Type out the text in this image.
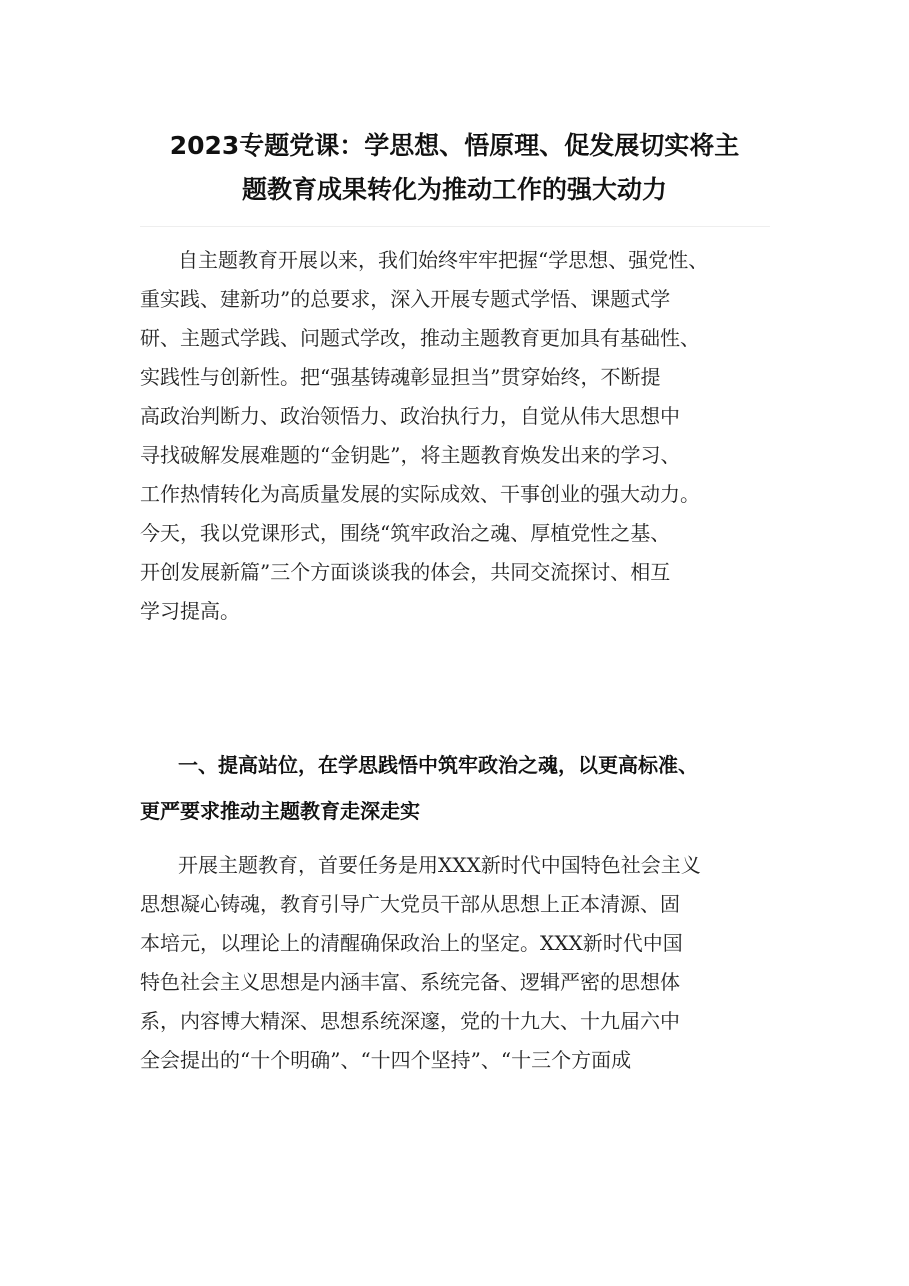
2023专题党课：学思想、悟原理、促发展切实将主
题教育成果转化为推动工作的强大动力
自主题教育开展以来，我们始终牢牢把握“学思想、强党性、
重实践、建新功”的总要求，深入开展专题式学悟、课题式学
研、主题式学践、问题式学改，推动主题教育更加具有基础性、
实践性与创新性。把“强基铸魂彰显担当”贯穿始终，不断提
高政治判断力、政治领悟力、政治执行力，自觉从伟大思想中
寻找破解发展难题的“金钥匙”，将主题教育焕发出来的学习、
工作热情转化为高质量发展的实际成效、干事创业的强大动力。
今天，我以党课形式，围绕“筑牢政治之魂、厚植党性之基、
开创发展新篇”三个方面谈谈我的体会，共同交流探讨、相互
学习提高。
一、提高站位，在学思践悟中筑牢政治之魂，以更高标准、
更严要求推动主题教育走深走实
开展主题教育，首要任务是用XXX新时代中国特色社会主义
思想凝心铸魂，教育引导广大党员干部从思想上正本清源、固
本培元，以理论上的清醒确保政治上的坚定。XXX新时代中国
特色社会主义思想是内涵丰富、系统完备、逻辑严密的思想体
系，内容博大精深、思想系统深邃，党的十九大、十九届六中
全会提出的“十个明确”、“十四个坚持”、“十三个方面成
